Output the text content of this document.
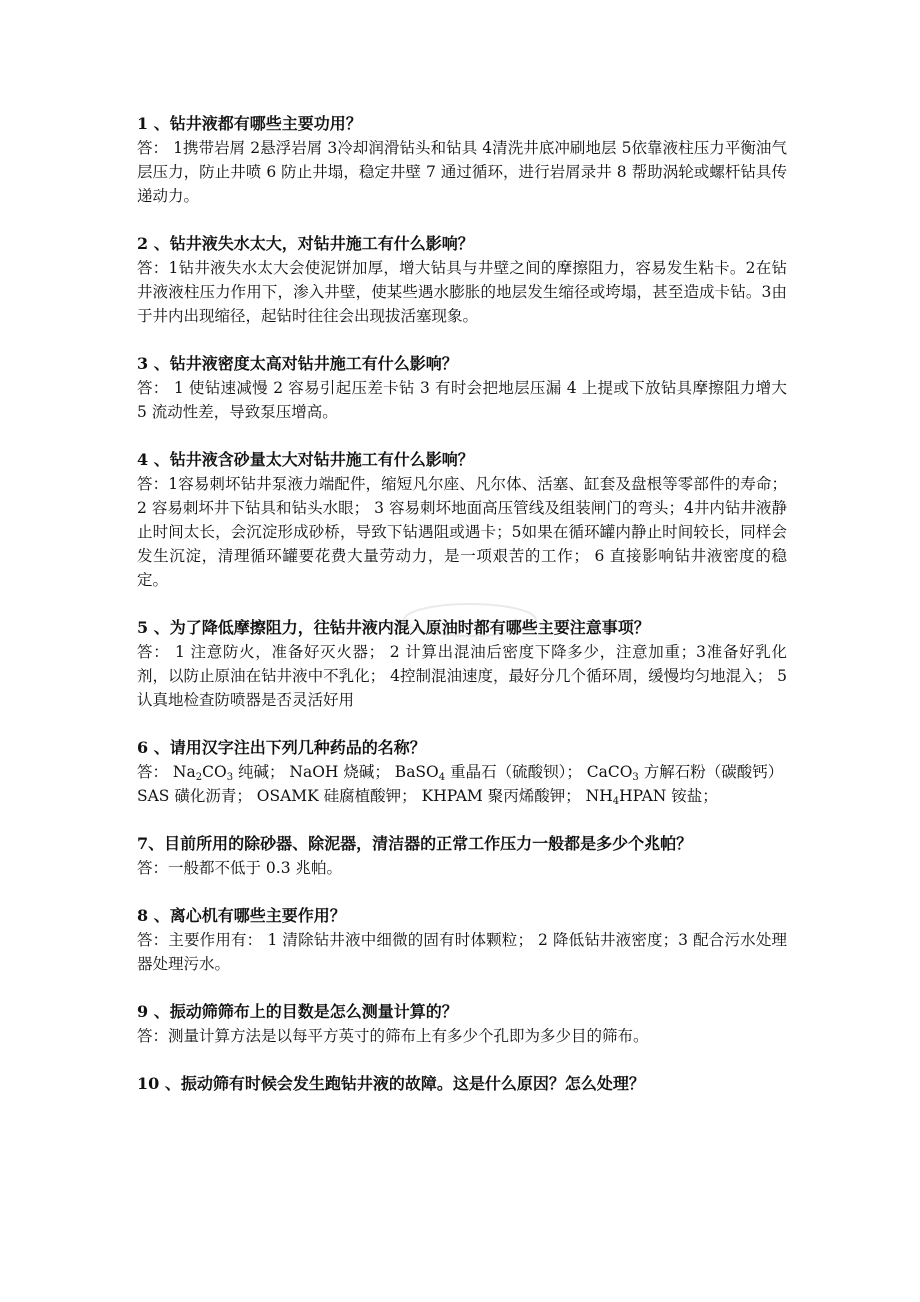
1 、钻井液都有哪些主要功用？

答： 1携带岩屑 2悬浮岩屑 3冷却润滑钻头和钻具 4清洗井底冲刷地层 5依靠液柱压力平衡油气层压力，防止井喷 6 防止井塌，稳定井壁 7 通过循环，进行岩屑录井 8 帮助涡轮或螺杆钻具传递动力。

2 、钻井液失水太大，对钻井施工有什么影响？

答：1钻井液失水太大会使泥饼加厚，增大钻具与井壁之间的摩擦阻力，容易发生粘卡。2在钻井液液柱压力作用下，渗入井壁，使某些遇水膨胀的地层发生缩径或垮塌，甚至造成卡钻。3由于井内出现缩径，起钻时往往会出现拔活塞现象。

3 、钻井液密度太高对钻井施工有什么影响？

答： 1 使钻速减慢 2 容易引起压差卡钻 3 有时会把地层压漏 4 上提或下放钻具摩擦阻力增大 5 流动性差，导致泵压增高。

4 、钻井液含砂量太大对钻井施工有什么影响？

答：1容易刺坏钻井泵液力端配件，缩短凡尔座、凡尔体、活塞、缸套及盘根等零部件的寿命； 2 容易刺坏井下钻具和钻头水眼； 3 容易刺坏地面高压管线及组装闸门的弯头；4井内钻井液静止时间太长，会沉淀形成砂桥，导致下钻遇阻或遇卡；5如果在循环罐内静止时间较长，同样会发生沉淀，清理循环罐要花费大量劳动力，是一项艰苦的工作； 6 直接影响钻井液密度的稳定。

5 、为了降低摩擦阻力，往钻井液内混入原油时都有哪些主要注意事项？

答： 1 注意防火，准备好灭火器； 2 计算出混油后密度下降多少，注意加重；3准备好乳化剂，以防止原油在钻井液中不乳化； 4控制混油速度，最好分几个循环周，缓慢均匀地混入； 5 认真地检查防喷器是否灵活好用

6 、请用汉字注出下列几种药品的名称？

答： $Na_2CO_3$ 纯碱； NaOH 烧碱； BaSO$_4$ 重晶石（硫酸钡）； CaCO$_3$ 方解石粉（碳酸钙）

SAS 磺化沥青； OSAMK 硅腐植酸钾； KHPAM 聚丙烯酸钾； $NH_4HPAN$ 铵盐；

7、目前所用的除砂器、除泥器，清洁器的正常工作压力一般都是多少个兆帕？

答：一般都不低于 0.3 兆帕。

8 、离心机有哪些主要作用？

答：主要作用有： 1 清除钻井液中细微的固有时体颗粒； 2 降低钻井液密度；3 配合污水处理器处理污水。

9 、振动筛筛布上的目数是怎么测量计算的？

答：测量计算方法是以每平方英寸的筛布上有多少个孔即为多少目的筛布。

10 、振动筛有时候会发生跑钻井液的故障。这是什么原因？怎么处理？
